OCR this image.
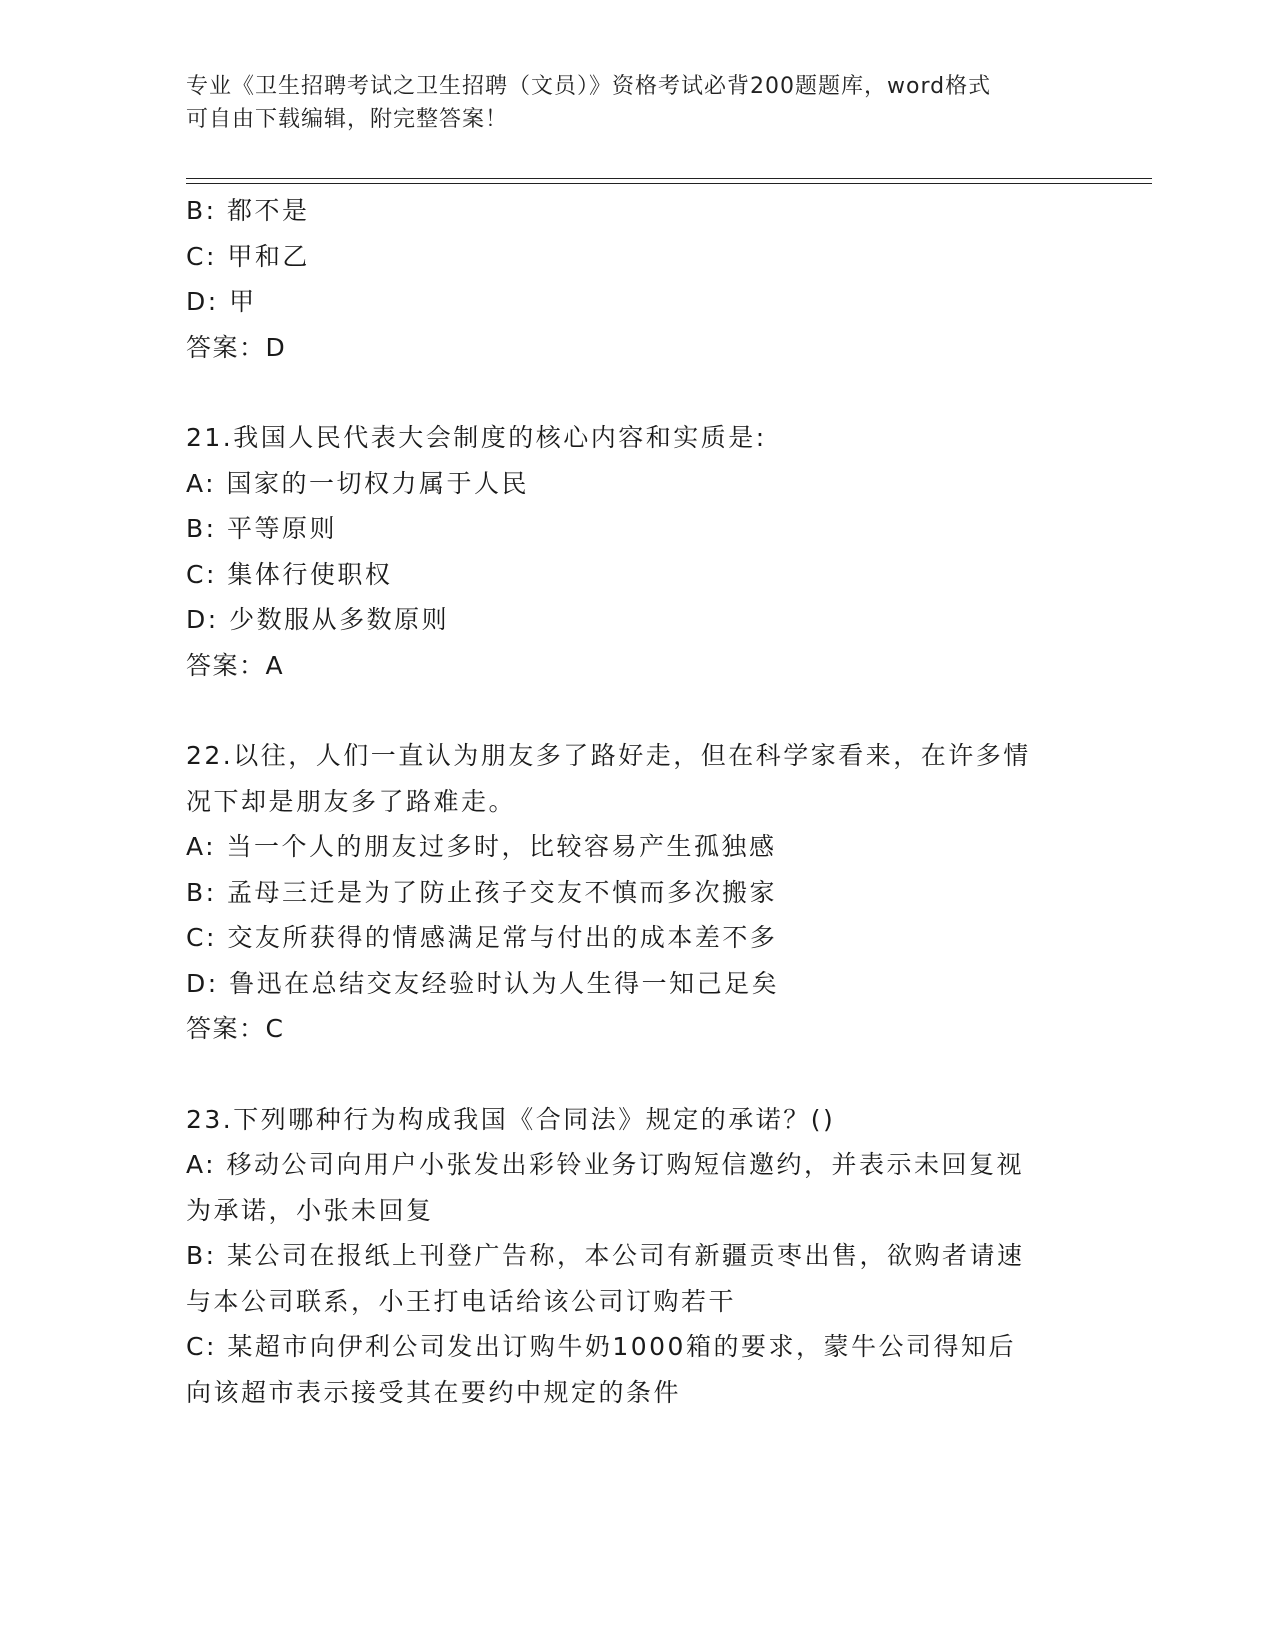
专业《卫生招聘考试之卫生招聘（文员）》资格考试必背200题题库，word格式
可自由下载编辑，附完整答案！

B: 都不是

C: 甲和乙

D: 甲

答案：D

21.我国人民代表大会制度的核心内容和实质是:

A: 国家的一切权力属于人民

B: 平等原则

C: 集体行使职权

D: 少数服从多数原则

答案：A

22.以往，人们一直认为朋友多了路好走，但在科学家看来，在许多情

况下却是朋友多了路难走。

A: 当一个人的朋友过多时，比较容易产生孤独感

B: 孟母三迁是为了防止孩子交友不慎而多次搬家

C: 交友所获得的情感满足常与付出的成本差不多

D: 鲁迅在总结交友经验时认为人生得一知己足矣

答案：C

23.下列哪种行为构成我国《合同法》规定的承诺？()

A: 移动公司向用户小张发出彩铃业务订购短信邀约，并表示未回复视

为承诺，小张未回复

B: 某公司在报纸上刊登广告称，本公司有新疆贡枣出售，欲购者请速

与本公司联系，小王打电话给该公司订购若干

C: 某超市向伊利公司发出订购牛奶1000箱的要求，蒙牛公司得知后

向该超市表示接受其在要约中规定的条件
